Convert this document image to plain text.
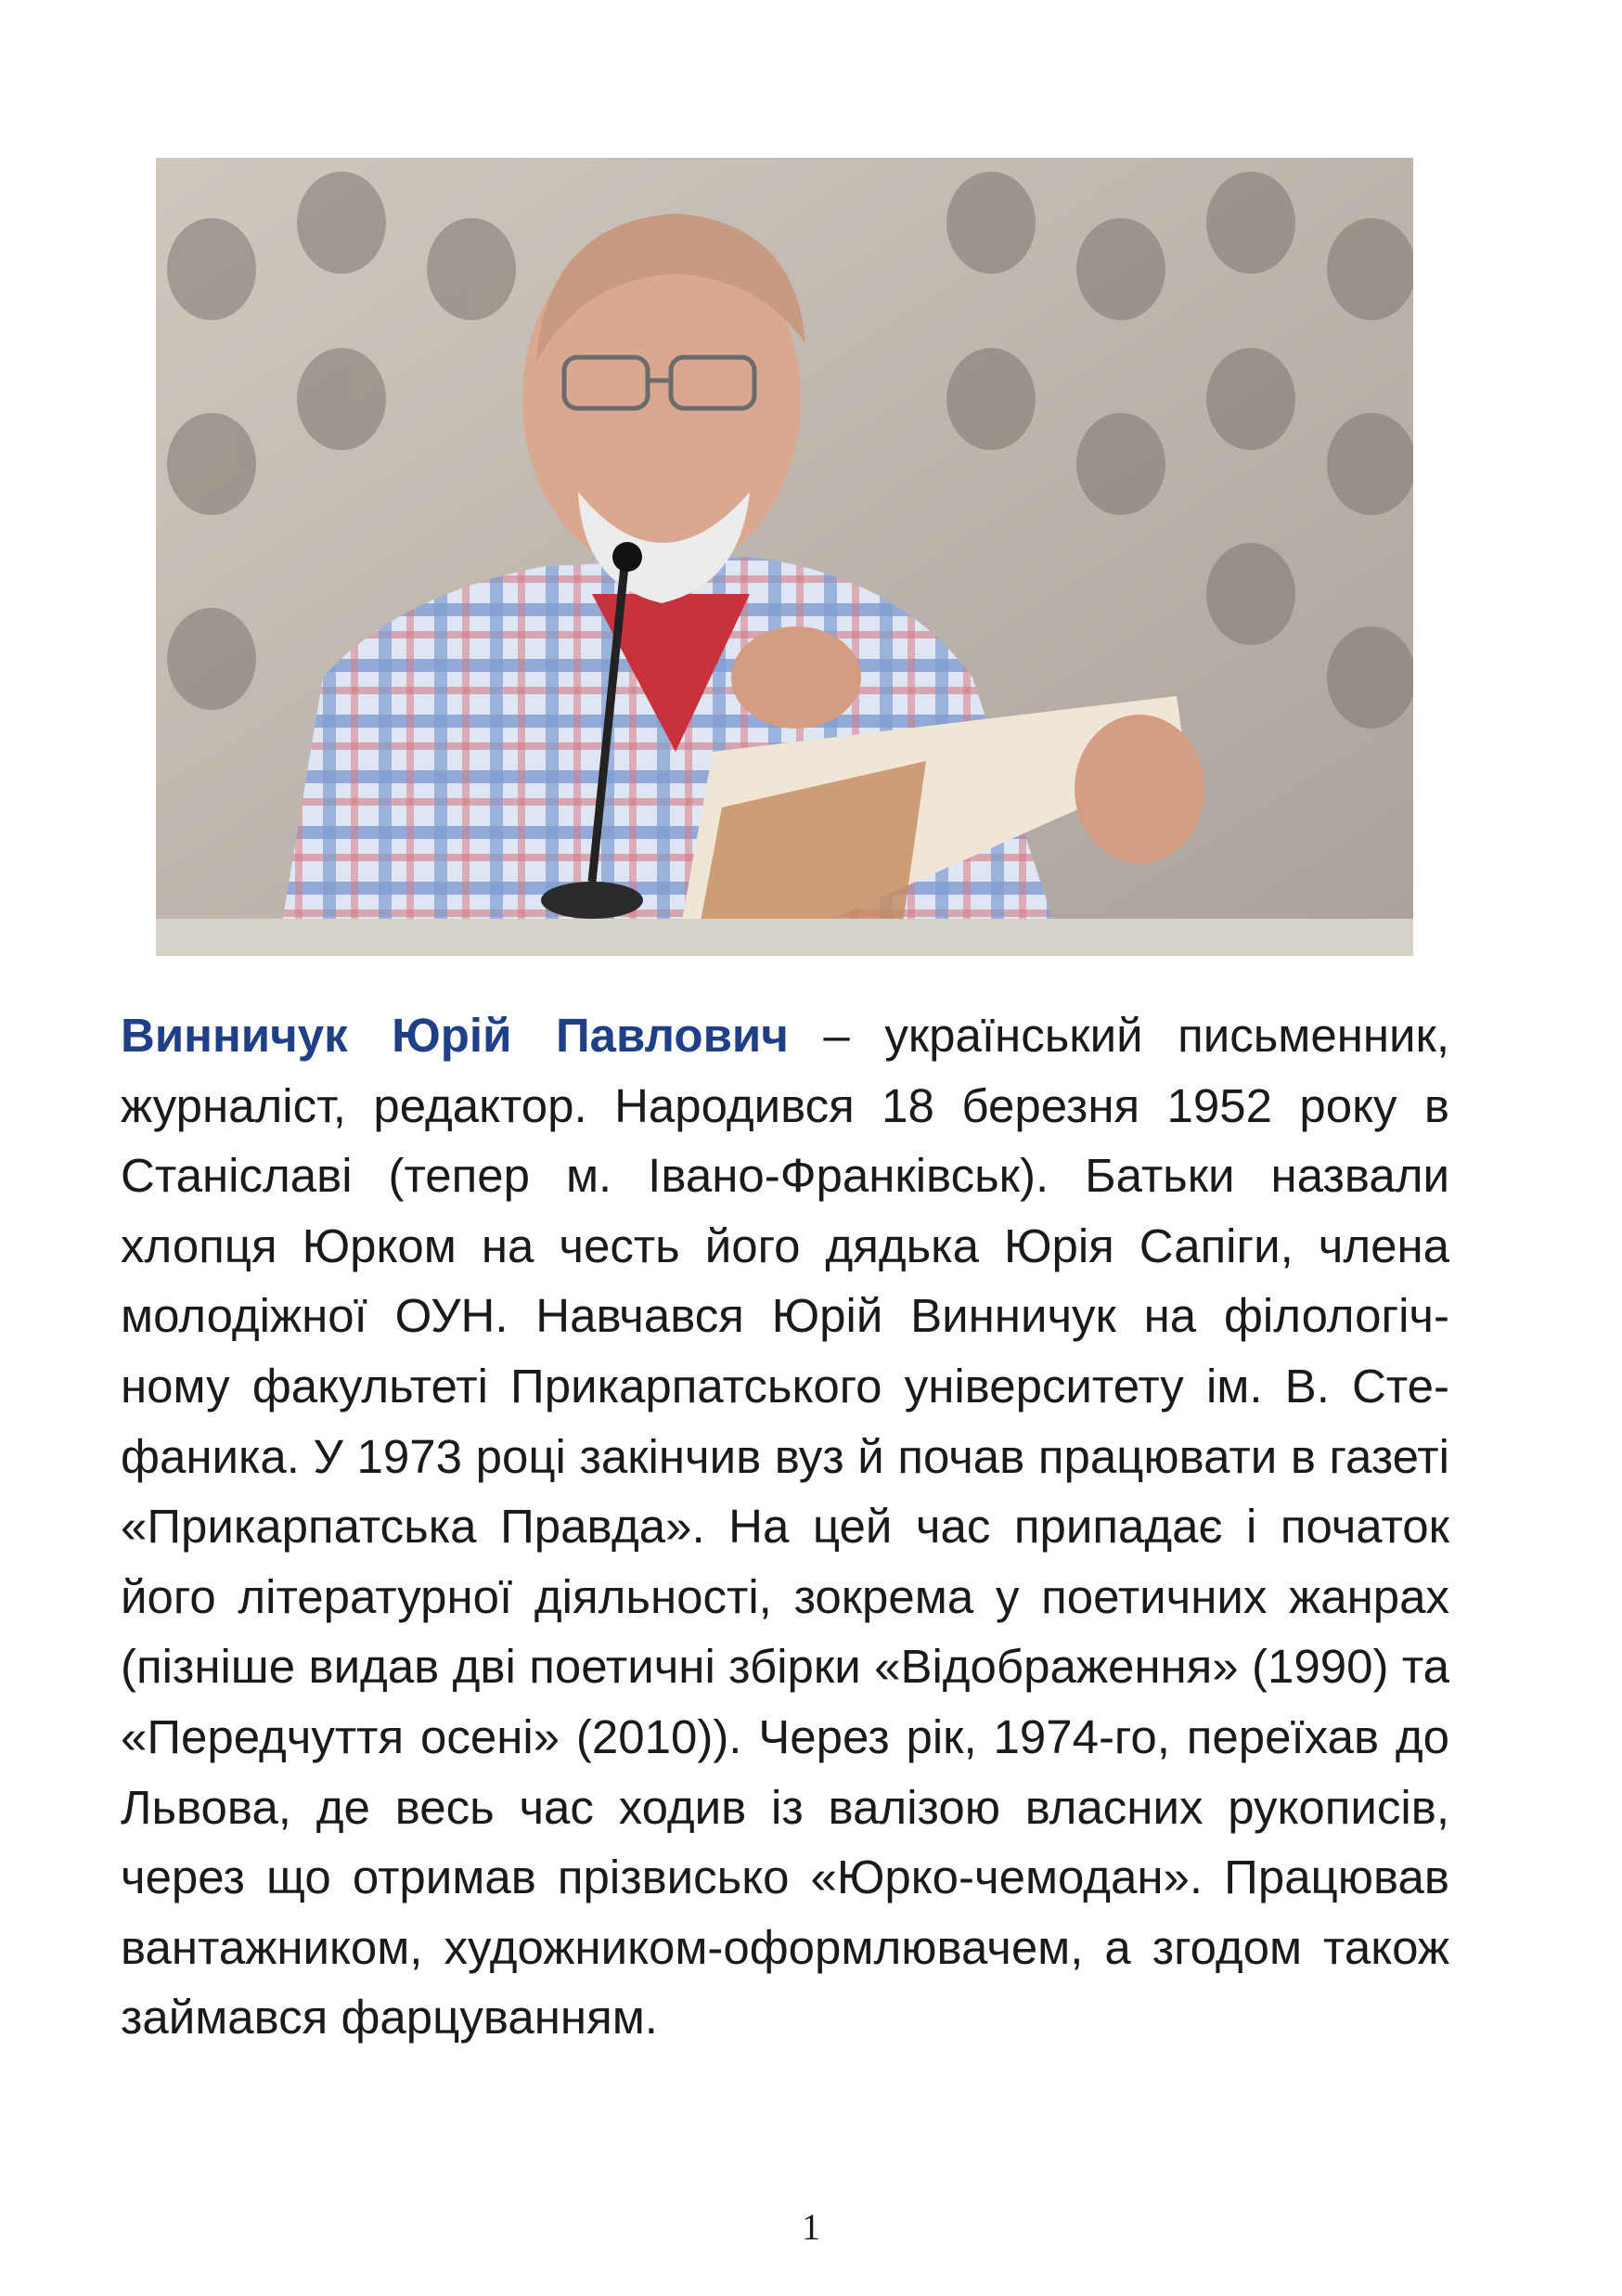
Винничук Юрій Павлович – український письменник, журналіст, редактор. Народився 18 березня 1952 року в Станіславі (тепер м. Івано-Франківськ). Батьки назвали хлопця Юрком на честь його дядька Юрія Сапіги, члена молодіжної ОУН. Навчався Юрій Винничук на філологічному факультеті Прикарпатського університету ім. В. Стефаника. У 1973 році закінчив вуз й почав працювати в газеті «Прикарпатська Правда». На цей час припадає і початок його літературної діяльності, зокрема у поетичних жанрах (пізніше видав дві поетичні збірки «Відображення» (1990) та «Передчуття осені» (2010)). Через рік, 1974-го, переїхав до Львова, де весь час ходив із валізою власних рукописів, через що отримав прізвисько «Юрко-чемодан». Працював вантажником, художником-оформлювачем, а згодом також займався фарцуванням.

1
